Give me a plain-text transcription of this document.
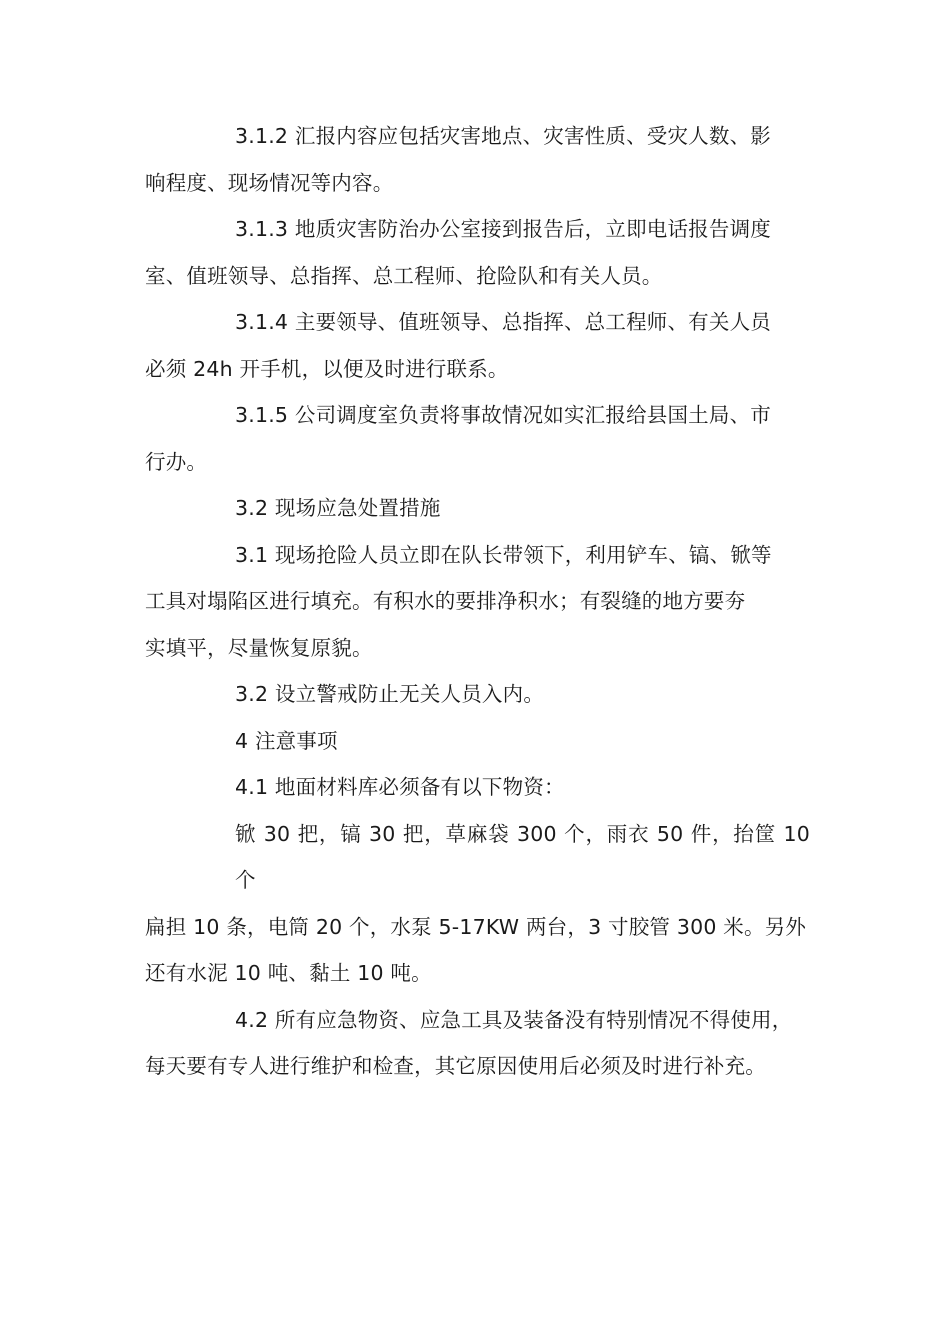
3.1.2 汇报内容应包括灾害地点、灾害性质、受灾人数、影
响程度、现场情况等内容。

3.1.3 地质灾害防治办公室接到报告后，立即电话报告调度
室、值班领导、总指挥、总工程师、抢险队和有关人员。

3.1.4 主要领导、值班领导、总指挥、总工程师、有关人员
必须 24h 开手机，以便及时进行联系。

3.1.5 公司调度室负责将事故情况如实汇报给县国土局、市
行办。

3.2 现场应急处置措施

3.1 现场抢险人员立即在队长带领下，利用铲车、镐、锨等
工具对塌陷区进行填充。有积水的要排净积水；有裂缝的地方要夯
实填平，尽量恢复原貌。

3.2 设立警戒防止无关人员入内。

4 注意事项

4.1 地面材料库必须备有以下物资：

锨 30 把，镐 30 把，草麻袋 300 个，雨衣 50 件，抬筐 10 个
扁担 10 条，电筒 20 个，水泵 5-17KW 两台，3 寸胶管 300 米。另外
还有水泥 10 吨、黏土 10 吨。

4.2 所有应急物资、应急工具及装备没有特别情况不得使用，
每天要有专人进行维护和检查，其它原因使用后必须及时进行补充。
